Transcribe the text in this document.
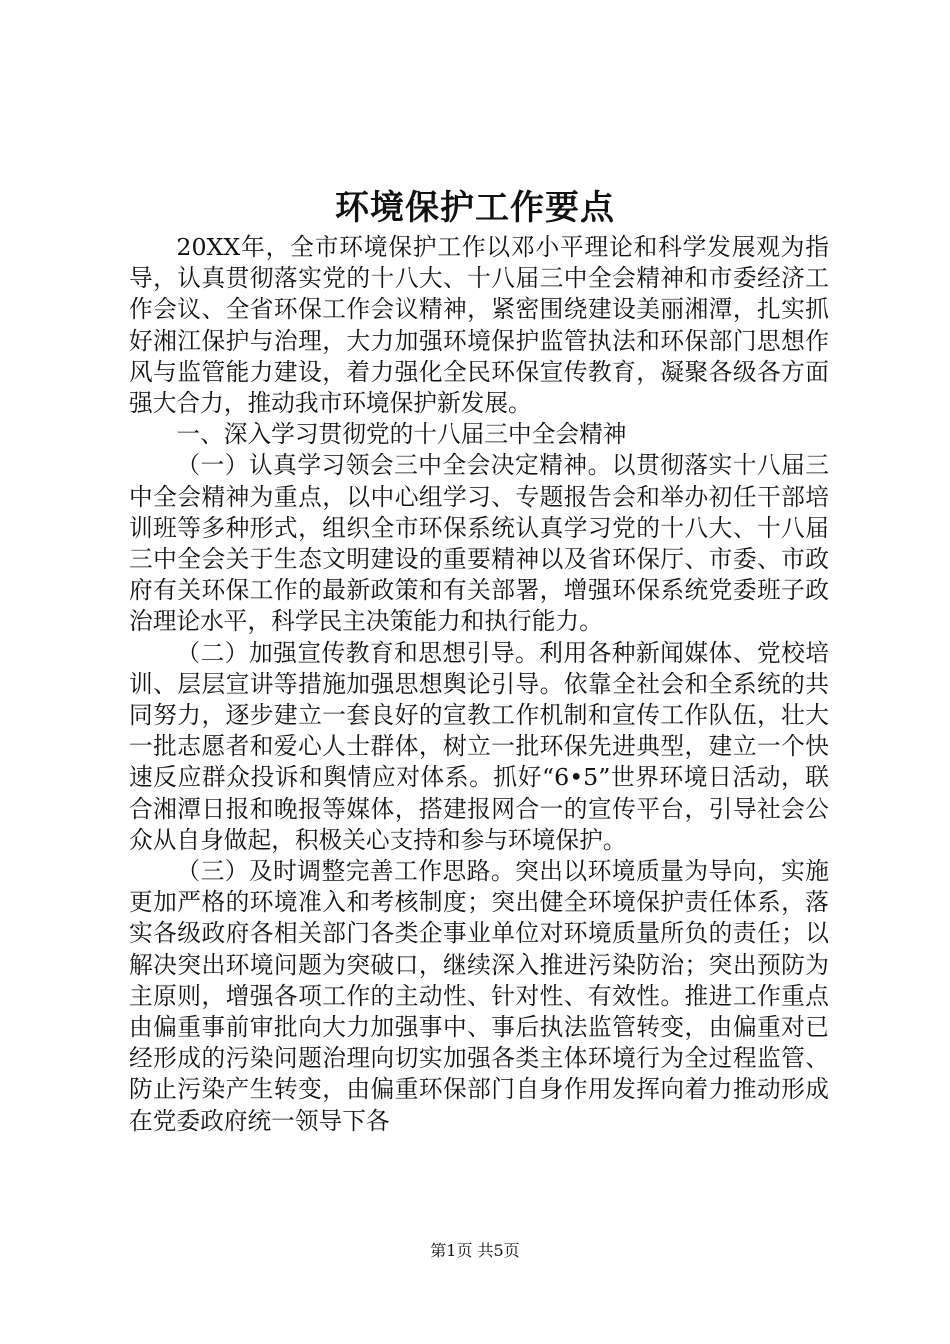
环境保护工作要点

20XX年，全市环境保护工作以邓小平理论和科学发展观为指导，认真贯彻落实党的十八大、十八届三中全会精神和市委经济工作会议、全省环保工作会议精神，紧密围绕建设美丽湘潭，扎实抓好湘江保护与治理，大力加强环境保护监管执法和环保部门思想作风与监管能力建设，着力强化全民环保宣传教育，凝聚各级各方面强大合力，推动我市环境保护新发展。

一、深入学习贯彻党的十八届三中全会精神

（一）认真学习领会三中全会决定精神。以贯彻落实十八届三中全会精神为重点，以中心组学习、专题报告会和举办初任干部培训班等多种形式，组织全市环保系统认真学习党的十八大、十八届三中全会关于生态文明建设的重要精神以及省环保厅、市委、市政府有关环保工作的最新政策和有关部署，增强环保系统党委班子政治理论水平，科学民主决策能力和执行能力。

（二）加强宣传教育和思想引导。利用各种新闻媒体、党校培训、层层宣讲等措施加强思想舆论引导。依靠全社会和全系统的共同努力，逐步建立一套良好的宣教工作机制和宣传工作队伍，壮大一批志愿者和爱心人士群体，树立一批环保先进典型，建立一个快速反应群众投诉和舆情应对体系。抓好“6•5”世界环境日活动，联合湘潭日报和晚报等媒体，搭建报网合一的宣传平台，引导社会公众从自身做起，积极关心支持和参与环境保护。

（三）及时调整完善工作思路。突出以环境质量为导向，实施更加严格的环境准入和考核制度；突出健全环境保护责任体系，落实各级政府各相关部门各类企事业单位对环境质量所负的责任；以解决突出环境问题为突破口，继续深入推进污染防治；突出预防为主原则，增强各项工作的主动性、针对性、有效性。推进工作重点由偏重事前审批向大力加强事中、事后执法监管转变，由偏重对已经形成的污染问题治理向切实加强各类主体环境行为全过程监管、防止污染产生转变，由偏重环保部门自身作用发挥向着力推动形成在党委政府统一领导下各

第1页 共5页
